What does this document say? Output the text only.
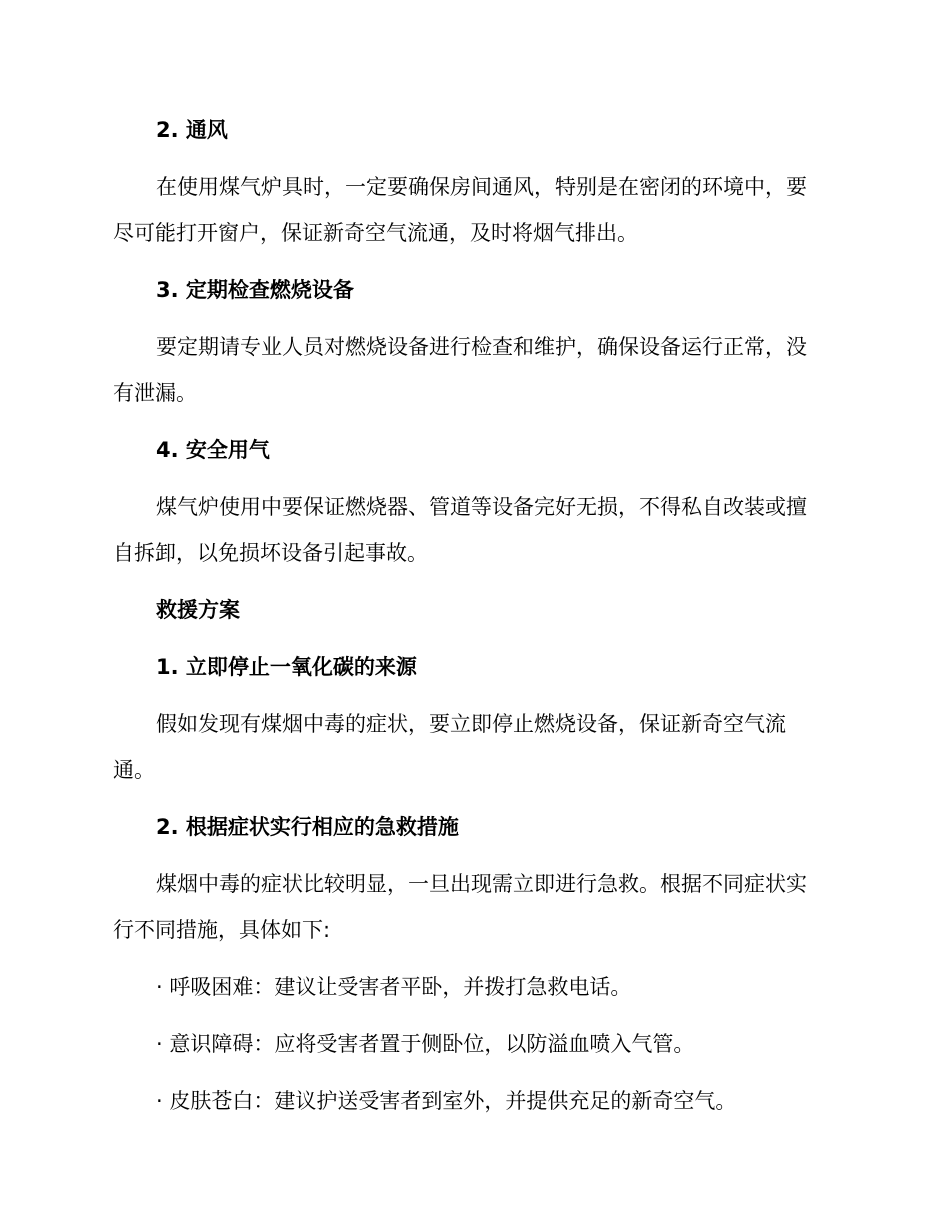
2. 通风

在使用煤气炉具时，一定要确保房间通风，特别是在密闭的环境中，要

尽可能打开窗户，保证新奇空气流通，及时将烟气排出。

3. 定期检查燃烧设备

要定期请专业人员对燃烧设备进行检查和维护，确保设备运行正常，没

有泄漏。

4. 安全用气

煤气炉使用中要保证燃烧器、管道等设备完好无损，不得私自改装或擅

自拆卸，以免损坏设备引起事故。

救援方案

1. 立即停止一氧化碳的来源

假如发现有煤烟中毒的症状，要立即停止燃烧设备，保证新奇空气流

通。

2. 根据症状实行相应的急救措施

煤烟中毒的症状比较明显，一旦出现需立即进行急救。根据不同症状实

行不同措施，具体如下:

· 呼吸困难：建议让受害者平卧，并拨打急救电话。

· 意识障碍：应将受害者置于侧卧位，以防溢血喷入气管。

· 皮肤苍白：建议护送受害者到室外，并提供充足的新奇空气。
